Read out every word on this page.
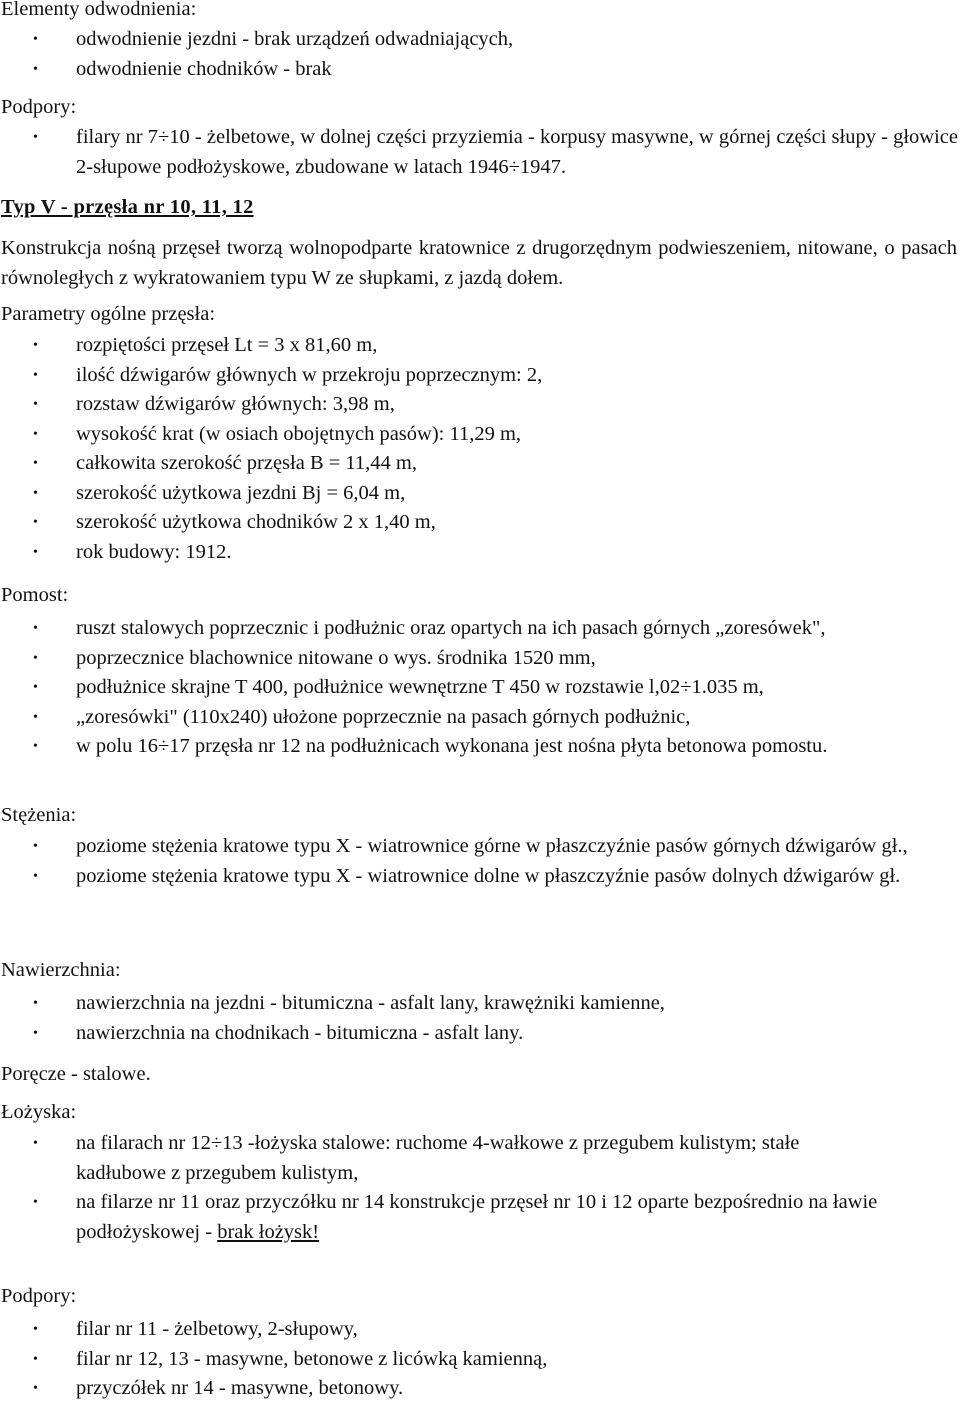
Elementy odwodnienia:

• odwodnienie jezdni - brak urządzeń odwadniających,
• odwodnienie chodników - brak

Podpory:

• filary nr 7÷10 - żelbetowe, w dolnej części przyziemia - korpusy masywne, w górnej części słupy - głowice 2-słupowe podłożyskowe, zbudowane w latach 1946÷1947.

Typ V - przęsła nr 10, 11, 12

Konstrukcja nośną przęseł tworzą wolnopodparte kratownice z drugorzędnym podwieszeniem, nitowane, o pasach równoległych z wykratowaniem typu W ze słupkami, z jazdą dołem.

Parametry ogólne przęsła:

• rozpiętości przęseł Lt = 3 x 81,60 m,
• ilość dźwigarów głównych w przekroju poprzecznym: 2,
• rozstaw dźwigarów głównych: 3,98 m,
• wysokość krat (w osiach obojętnych pasów): 11,29 m,
• całkowita szerokość przęsła B = 11,44 m,
• szerokość użytkowa jezdni Bj = 6,04 m,
• szerokość użytkowa chodników 2 x 1,40 m,
• rok budowy: 1912.

Pomost:

• ruszt stalowych poprzecznic i podłużnic oraz opartych na ich pasach górnych „zoresówek",
• poprzecznice blachownice nitowane o wys. środnika 1520 mm,
• podłużnice skrajne T 400, podłużnice wewnętrzne T 450 w rozstawie l,02÷1.035 m,
• „zoresówki" (110x240) ułożone poprzecznie na pasach górnych podłużnic,
• w polu 16÷17 przęsła nr 12 na podłużnicach wykonana jest nośna płyta betonowa pomostu.

Stężenia:

• poziome stężenia kratowe typu X - wiatrownice górne w płaszczyźnie pasów górnych dźwigarów gł.,
• poziome stężenia kratowe typu X - wiatrownice dolne w płaszczyźnie pasów dolnych dźwigarów gł.

Nawierzchnia:

• nawierzchnia na jezdni - bitumiczna - asfalt lany, krawężniki kamienne,
• nawierzchnia na chodnikach - bitumiczna - asfalt lany.

Poręcze - stalowe.

Łożyska:

• na filarach nr 12÷13 -łożyska stalowe: ruchome 4-wałkowe z przegubem kulistym; stałe
kadłubowe z przegubem kulistym,
• na filarze nr 11 oraz przyczółku nr 14 konstrukcje przęseł nr 10 i 12 oparte bezpośrednio na ławie podłożyskowej - brak łożysk!

Podpory:

• filar nr 11 - żelbetowy, 2-słupowy,
• filar nr 12, 13 - masywne, betonowe z licówką kamienną,
• przyczółek nr 14 - masywne, betonowy.
